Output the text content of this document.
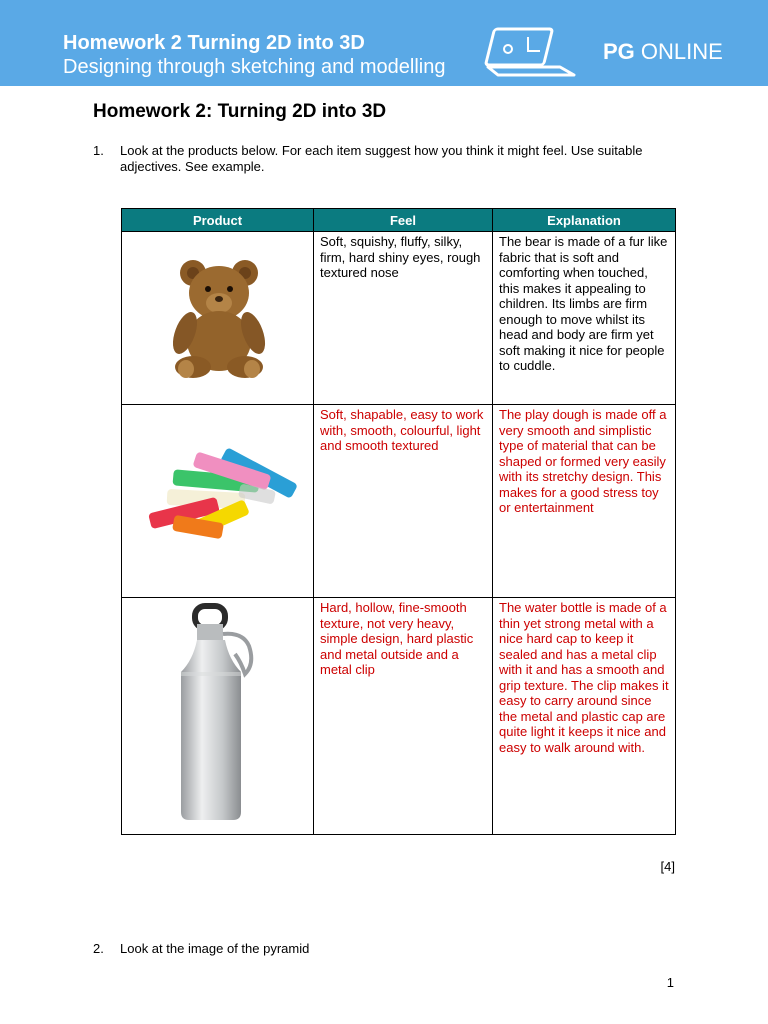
Homework 2 Turning 2D into 3D
Designing through sketching and modelling
PG ONLINE
Homework 2: Turning 2D into 3D
1. Look at the products below. For each item suggest how you think it might feel. Use suitable adjectives. See example.
Product	Feel	Explanation
	Soft, squishy, fluffy, silky, firm, hard shiny eyes, rough textured nose	The bear is made of a fur like fabric that is soft and comforting when touched, this makes it appealing to children. Its limbs are firm enough to move whilst its head and body are firm yet soft making it nice for people to cuddle.
	Soft, shapable, easy to work with, smooth, colourful, light and smooth textured	The play dough is made off a very smooth and simplistic type of material that can be shaped or formed very easily with its stretchy design. This makes for a good stress toy or entertainment
	Hard, hollow, fine-smooth texture, not very heavy, simple design, hard plastic and metal outside and a metal clip	The water bottle is made of a thin yet strong metal with a nice hard cap to keep it sealed and has a metal clip with it and has a smooth and grip texture. The clip makes it easy to carry around since the metal and plastic cap are quite light it keeps it nice and easy to walk around with.
[4]
2. Look at the image of the pyramid
1
